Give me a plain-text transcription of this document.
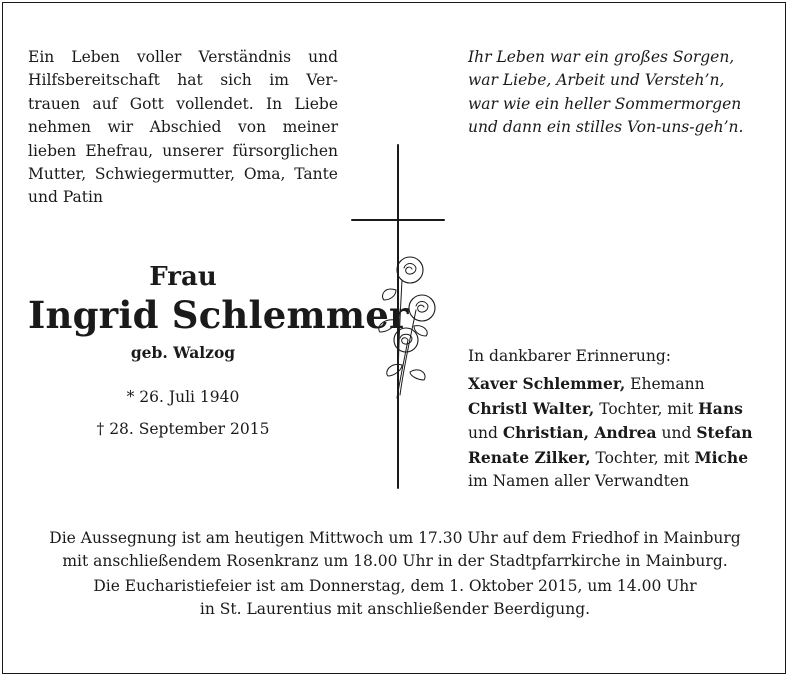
Ein Leben voller Verständnis und
Hilfsbereitschaft hat sich im Ver-
trauen auf Gott vollendet. In Liebe
nehmen wir Abschied von meiner
lieben Ehefrau, unserer fürsorglichen
Mutter, Schwiegermutter, Oma, Tante
und Patin
Ihr Leben war ein großes Sorgen,
war Liebe, Arbeit und Versteh’n,
war wie ein heller Sommermorgen
und dann ein stilles Von-uns-geh’n.
Frau
Ingrid Schlemmer
geb. Walzog
* 26. Juli 1940
† 28. September 2015
In dankbarer Erinnerung:
Xaver Schlemmer, Ehemann
Christl Walter, Tochter, mit Hans
und Christian, Andrea und Stefan
Renate Zilker, Tochter, mit Miche
im Namen aller Verwandten
Die Aussegnung ist am heutigen Mittwoch um 17.30 Uhr auf dem Friedhof in Mainburg
mit anschließendem Rosenkranz um 18.00 Uhr in der Stadtpfarrkirche in Mainburg.
Die Eucharistiefeier ist am Donnerstag, dem 1. Oktober 2015, um 14.00 Uhr
in St. Laurentius mit anschließender Beerdigung.
